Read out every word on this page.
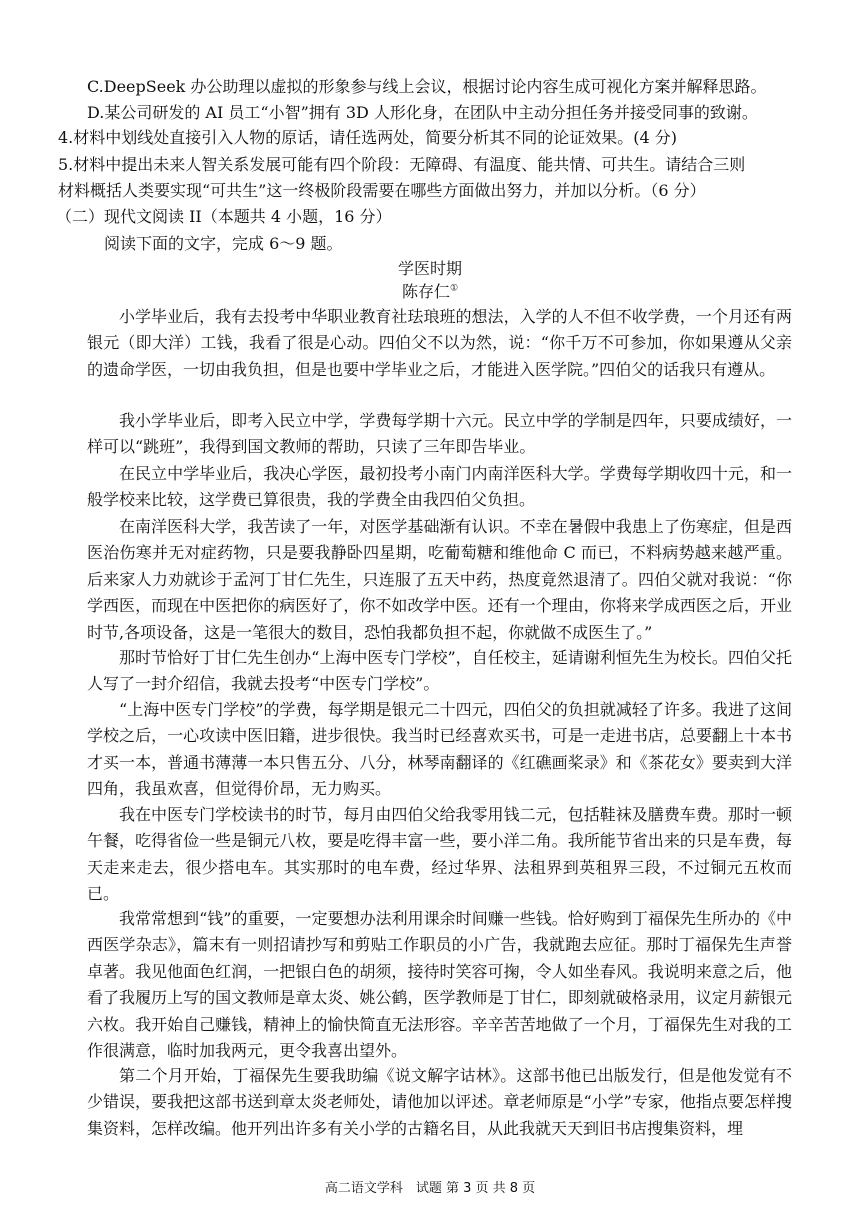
C.DeepSeek 办公助理以虚拟的形象参与线上会议，根据讨论内容生成可视化方案并解释思路。
D.某公司研发的 AI 员工“小智”拥有 3D 人形化身，在团队中主动分担任务并接受同事的致谢。
4.材料中划线处直接引入人物的原话，请任选两处，简要分析其不同的论证效果。(4 分)
5.材料中提出未来人智关系发展可能有四个阶段：无障碍、有温度、能共情、可共生。请结合三则
材料概括人类要实现“可共生”这一终极阶段需要在哪些方面做出努力，并加以分析。（6 分）
（二）现代文阅读 II（本题共 4 小题，16 分）
阅读下面的文字，完成 6～9 题。
学医时期
陈存仁①

小学毕业后，我有去投考中华职业教育社珐琅班的想法，入学的人不但不收学费，一个月还有两银元（即大洋）工钱，我看了很是心动。四伯父不以为然，说：“你千万不可参加，你如果遵从父亲的遗命学医，一切由我负担，但是也要中学毕业之后，才能进入医学院。”四伯父的话我只有遵从。

我小学毕业后，即考入民立中学，学费每学期十六元。民立中学的学制是四年，只要成绩好，一样可以“跳班”，我得到国文教师的帮助，只读了三年即告毕业。

在民立中学毕业后，我决心学医，最初投考小南门内南洋医科大学。学费每学期收四十元，和一般学校来比较，这学费已算很贵，我的学费全由我四伯父负担。

在南洋医科大学，我苦读了一年，对医学基础渐有认识。不幸在暑假中我患上了伤寒症，但是西医治伤寒并无对症药物，只是要我静卧四星期，吃葡萄糖和维他命 C 而已，不料病势越来越严重。后来家人力劝就诊于孟河丁甘仁先生，只连服了五天中药，热度竟然退清了。四伯父就对我说：“你学西医，而现在中医把你的病医好了，你不如改学中医。还有一个理由，你将来学成西医之后，开业时节,各项设备，这是一笔很大的数目，恐怕我都负担不起，你就做不成医生了。”

那时节恰好丁甘仁先生创办“上海中医专门学校”，自任校主，延请谢利恒先生为校长。四伯父托人写了一封介绍信，我就去投考“中医专门学校”。

“上海中医专门学校”的学费，每学期是银元二十四元，四伯父的负担就减轻了许多。我进了这间学校之后，一心攻读中医旧籍，进步很快。我当时已经喜欢买书，可是一走进书店，总要翻上十本书才买一本，普通书薄薄一本只售五分、八分，林琴南翻译的《红礁画桨录》和《茶花女》要卖到大洋四角，我虽欢喜，但觉得价昂，无力购买。

我在中医专门学校读书的时节，每月由四伯父给我零用钱二元，包括鞋袜及膳费车费。那时一顿午餐，吃得省俭一些是铜元八枚，要是吃得丰富一些，要小洋二角。我所能节省出来的只是车费，每天走来走去，很少搭电车。其实那时的电车费，经过华界、法租界到英租界三段，不过铜元五枚而已。

我常常想到“钱”的重要，一定要想办法利用课余时间赚一些钱。恰好购到丁福保先生所办的《中西医学杂志》，篇末有一则招请抄写和剪贴工作职员的小广告，我就跑去应征。那时丁福保先生声誉卓著。我见他面色红润，一把银白色的胡须，接待时笑容可掬，令人如坐春风。我说明来意之后，他看了我履历上写的国文教师是章太炎、姚公鹤，医学教师是丁甘仁，即刻就破格录用，议定月薪银元六枚。我开始自己赚钱，精神上的愉快简直无法形容。辛辛苦苦地做了一个月，丁福保先生对我的工作很满意，临时加我两元，更令我喜出望外。

第二个月开始，丁福保先生要我助编《说文解字诂林》。这部书他已出版发行，但是他发觉有不少错误，要我把这部书送到章太炎老师处，请他加以评述。章老师原是“小学”专家，他指点要怎样搜集资料，怎样改编。他开列出许多有关小学的古籍名目，从此我就天天到旧书店搜集资料，埋

高二语文学科　试题 第 3 页 共 8 页
